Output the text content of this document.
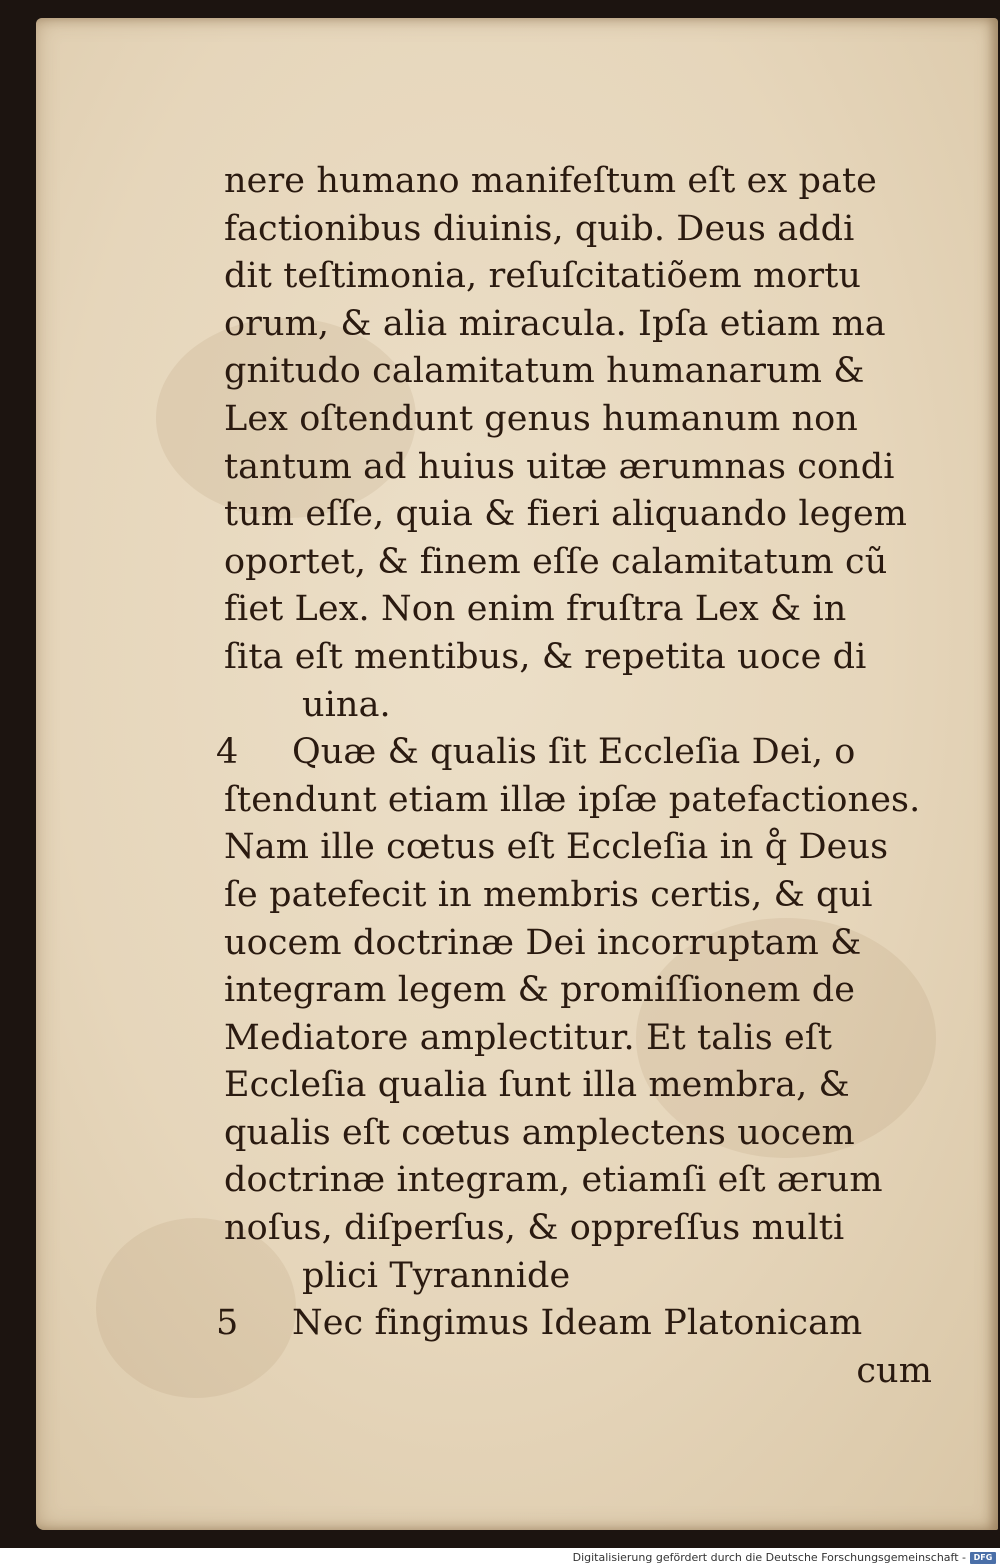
nere humano manifeſtum eſt ex pate
factionibus diuinis, quib. Deus addi
dit teſtimonia, reſuſcitatiõem mortu
orum, & alia miracula. Ipſa etiam ma
gnitudo calamitatum humanarum &
Lex oſtendunt genus humanum non
tantum ad huius uitæ ærumnas condi
tum eſſe, quia & fieri aliquando legem
oportet, & finem eſſe calamitatum cũ
fiet Lex. Non enim fruſtra Lex & in
ſita eſt mentibus, & repetita uoce di
uina.
4 Quæ & qualis ſit Eccleſia Dei, o
ſtendunt etiam illæ ipſæ patefactiones.
Nam ille cœtus eſt Eccleſia in q̊ Deus
ſe patefecit in membris certis, & qui
uocem doctrinæ Dei incorruptam &
integram legem & promiſſionem de
Mediatore amplectitur. Et talis eſt
Eccleſia qualia ſunt illa membra, &
qualis eſt cœtus amplectens uocem
doctrinæ integram, etiamſi eſt ærum
noſus, diſperſus, & oppreſſus multi
plici Tyrannide
5 Nec fingimus Ideam Platonicam
cum
Digitalisierung gefördert durch die Deutsche Forschungsgemeinschaft - DFG
